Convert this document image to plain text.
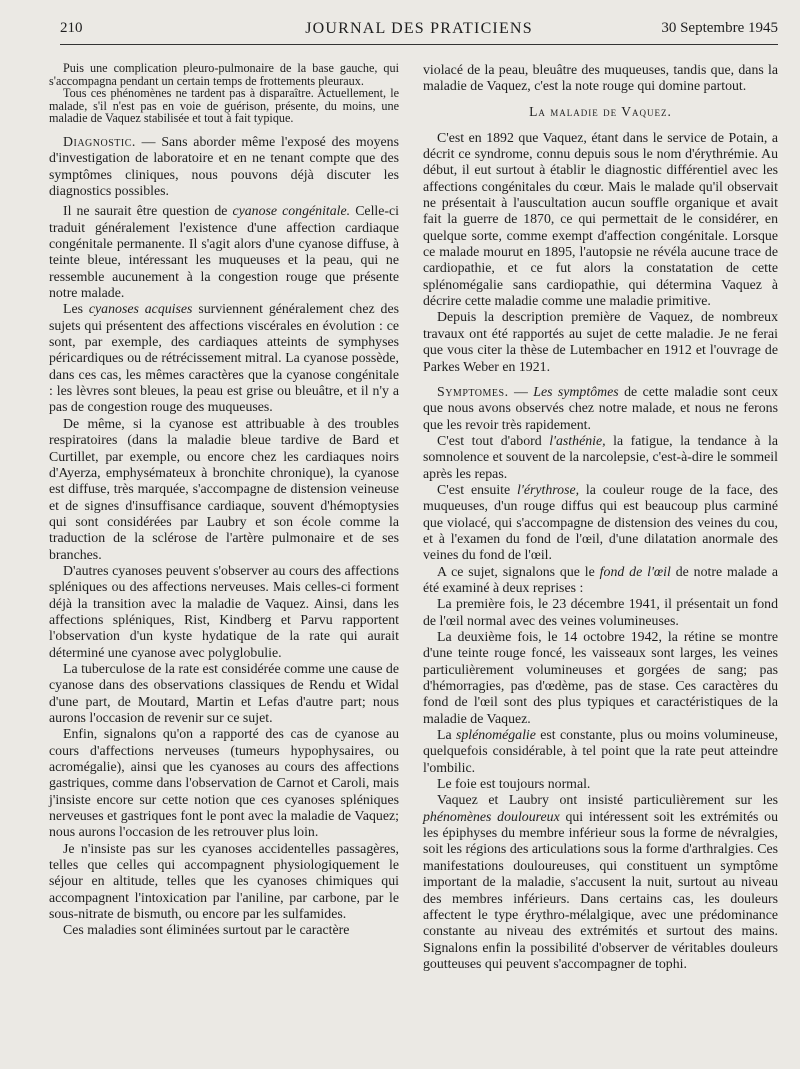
210	JOURNAL DES PRATICIENS	30 Septembre 1945

Puis une complication pleuro-pulmonaire de la base gauche, qui s'accompagna pendant un certain temps de frottements pleuraux.

Tous ces phénomènes ne tardent pas à disparaître. Actuellement, le malade, s'il n'est pas en voie de guérison, présente, du moins, une maladie de Vaquez stabilisée et tout à fait typique.

Diagnostic. — Sans aborder même l'exposé des moyens d'investigation de laboratoire et en ne tenant compte que des symptômes cliniques, nous pouvons déjà discuter les diagnostics possibles.

Il ne saurait être question de cyanose congénitale. Celle-ci traduit généralement l'existence d'une affection cardiaque congénitale permanente. Il s'agit alors d'une cyanose diffuse, à teinte bleue, intéressant les muqueuses et la peau, qui ne ressemble aucunement à la congestion rouge que présente notre malade.

Les cyanoses acquises surviennent généralement chez des sujets qui présentent des affections viscérales en évolution : ce sont, par exemple, des cardiaques atteints de symphyses péricardiques ou de rétrécissement mitral. La cyanose possède, dans ces cas, les mêmes caractères que la cyanose congénitale : les lèvres sont bleues, la peau est grise ou bleuâtre, et il n'y a pas de congestion rouge des muqueuses.

De même, si la cyanose est attribuable à des troubles respiratoires (dans la maladie bleue tardive de Bard et Curtillet, par exemple, ou encore chez les cardiaques noirs d'Ayerza, emphysémateux à bronchite chronique), la cyanose est diffuse, très marquée, s'accompagne de distension veineuse et de signes d'insuffisance cardiaque, souvent d'hémoptysies qui sont considérées par Laubry et son école comme la traduction de la sclérose de l'artère pulmonaire et de ses branches.

D'autres cyanoses peuvent s'observer au cours des affections spléniques ou des affections nerveuses. Mais celles-ci forment déjà la transition avec la maladie de Vaquez. Ainsi, dans les affections spléniques, Rist, Kindberg et Parvu rapportent l'observation d'un kyste hydatique de la rate qui aurait déterminé une cyanose avec polyglobulie.

La tuberculose de la rate est considérée comme une cause de cyanose dans des observations classiques de Rendu et Widal d'une part, de Moutard, Martin et Lefas d'autre part; nous aurons l'occasion de revenir sur ce sujet.

Enfin, signalons qu'on a rapporté des cas de cyanose au cours d'affections nerveuses (tumeurs hypophysaires, ou acromégalie), ainsi que les cyanoses au cours des affections gastriques, comme dans l'observation de Carnot et Caroli, mais j'insiste encore sur cette notion que ces cyanoses spléniques nerveuses et gastriques font le pont avec la maladie de Vaquez; nous aurons l'occasion de les retrouver plus loin.

Je n'insiste pas sur les cyanoses accidentelles passagères, telles que celles qui accompagnent physiologiquement le séjour en altitude, telles que les cyanoses chimiques qui accompagnent l'intoxication par l'aniline, par carbone, par le sous-nitrate de bismuth, ou encore par les sulfamides.

Ces maladies sont éliminées surtout par le caractère

violacé de la peau, bleuâtre des muqueuses, tandis que, dans la maladie de Vaquez, c'est la note rouge qui domine partout.

La maladie de Vaquez.

C'est en 1892 que Vaquez, étant dans le service de Potain, a décrit ce syndrome, connu depuis sous le nom d'érythrémie. Au début, il eut surtout à établir le diagnostic différentiel avec les affections congénitales du cœur. Mais le malade qu'il observait ne présentait à l'auscultation aucun souffle organique et avait fait la guerre de 1870, ce qui permettait de le considérer, en quelque sorte, comme exempt d'affection congénitale. Lorsque ce malade mourut en 1895, l'autopsie ne révéla aucune trace de cardiopathie, et ce fut alors la constatation de cette splénomégalie sans cardiopathie, qui détermina Vaquez à décrire cette maladie comme une maladie primitive.

Depuis la description première de Vaquez, de nombreux travaux ont été rapportés au sujet de cette maladie. Je ne ferai que vous citer la thèse de Lutembacher en 1912 et l'ouvrage de Parkes Weber en 1921.

Symptomes. — Les symptômes de cette maladie sont ceux que nous avons observés chez notre malade, et nous ne ferons que les revoir très rapidement.

C'est tout d'abord l'asthénie, la fatigue, la tendance à la somnolence et souvent de la narcolepsie, c'est-à-dire le sommeil après les repas.

C'est ensuite l'érythrose, la couleur rouge de la face, des muqueuses, d'un rouge diffus qui est beaucoup plus carminé que violacé, qui s'accompagne de distension des veines du cou, et à l'examen du fond de l'œil, d'une dilatation anormale des veines du fond de l'œil.

A ce sujet, signalons que le fond de l'œil de notre malade a été examiné à deux reprises :

La première fois, le 23 décembre 1941, il présentait un fond de l'œil normal avec des veines volumineuses.

La deuxième fois, le 14 octobre 1942, la rétine se montre d'une teinte rouge foncé, les vaisseaux sont larges, les veines particulièrement volumineuses et gorgées de sang; pas d'hémorragies, pas d'œdème, pas de stase. Ces caractères du fond de l'œil sont des plus typiques et caractéristiques de la maladie de Vaquez.

La splénomégalie est constante, plus ou moins volumineuse, quelquefois considérable, à tel point que la rate peut atteindre l'ombilic.

Le foie est toujours normal.

Vaquez et Laubry ont insisté particulièrement sur les phénomènes douloureux qui intéressent soit les extrémités ou les épiphyses du membre inférieur sous la forme de névralgies, soit les régions des articulations sous la forme d'arthralgies. Ces manifestations douloureuses, qui constituent un symptôme important de la maladie, s'accusent la nuit, surtout au niveau des membres inférieurs. Dans certains cas, les douleurs affectent le type érythro-mélalgique, avec une prédominance constante au niveau des extrémités et surtout des mains. Signalons enfin la possibilité d'observer de véritables douleurs goutteuses qui peuvent s'accompagner de tophi.
